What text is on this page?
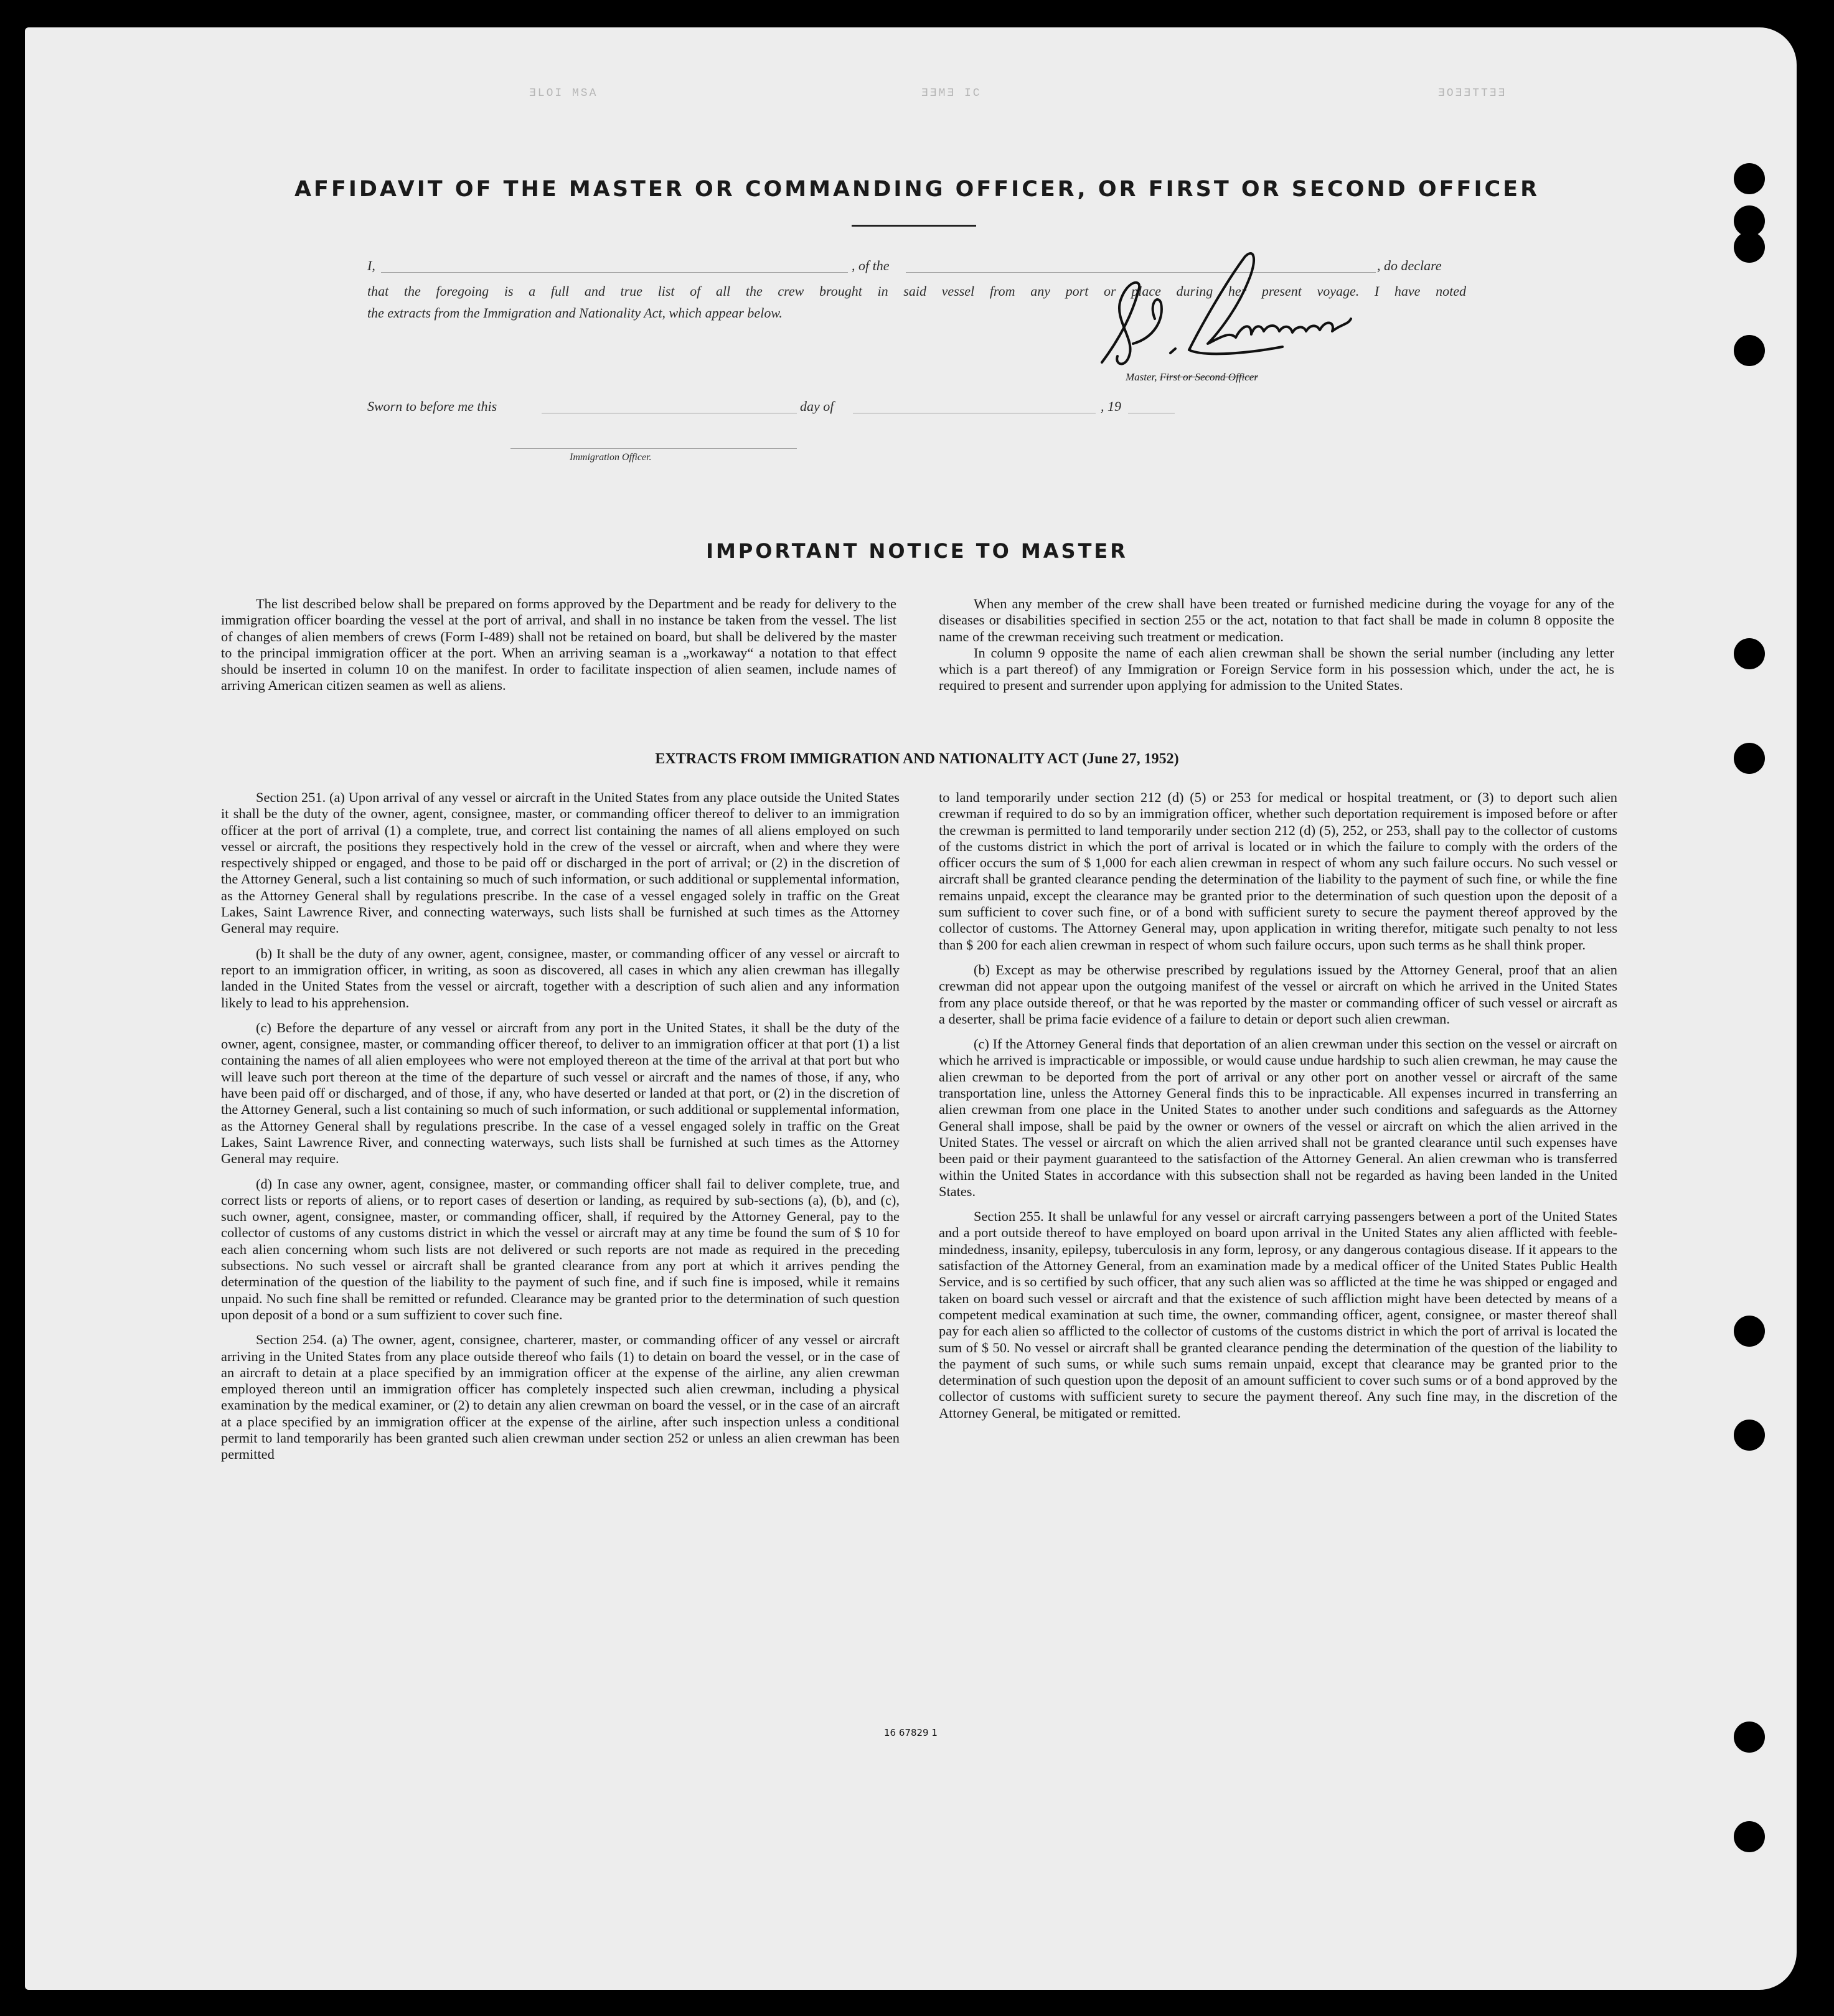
ƎLOI MSA	ƎƎMƎ IC	ƎOƎƎTTƎƎ
AFFIDAVIT OF THE MASTER OR COMMANDING OFFICER, OR FIRST OR SECOND OFFICER
I,	, of the	, do declare
that the foregoing is a full and true list of all the crew brought in said vessel from any port or place during her present voyage. I have noted
the extracts from the Immigration and Nationality Act, which appear below.
Master, First or Second Officer
Sworn to before me this	day of	, 19
Immigration Officer.
IMPORTANT NOTICE TO MASTER

The list described below shall be prepared on forms approved by the Department and be ready for delivery to the immigration officer boarding the vessel at the port of arrival, and shall in no instance be taken from the vessel. The list of changes of alien members of crews (Form I-489) shall not be retained on board, but shall be delivered by the master to the principal immigration officer at the port. When an arriving seaman is a „workaway“ a notation to that effect should be inserted in column 10 on the manifest. In order to facilitate inspection of alien seamen, include names of arriving American citizen seamen as well as aliens.

When any member of the crew shall have been treated or furnished medicine during the voyage for any of the diseases or disabilities specified in section 255 or the act, notation to that fact shall be made in column 8 opposite the name of the crewman receiving such treatment or medication.

In column 9 opposite the name of each alien crewman shall be shown the serial number (including any letter which is a part thereof) of any Immigration or Foreign Service form in his possession which, under the act, he is required to present and surrender upon applying for admission to the United States.

EXTRACTS FROM IMMIGRATION AND NATIONALITY ACT (June 27, 1952)

Section 251. (a) Upon arrival of any vessel or aircraft in the United States from any place outside the United States it shall be the duty of the owner, agent, consignee, master, or commanding officer thereof to deliver to an immigration officer at the port of arrival (1) a complete, true, and correct list containing the names of all aliens employed on such vessel or aircraft, the positions they respectively hold in the crew of the vessel or aircraft, when and where they were respectively shipped or engaged, and those to be paid off or discharged in the port of arrival; or (2) in the discretion of the Attorney General, such a list containing so much of such information, or such additional or supplemental information, as the Attorney General shall by regulations prescribe. In the case of a vessel engaged solely in traffic on the Great Lakes, Saint Lawrence River, and connecting waterways, such lists shall be furnished at such times as the Attorney General may require.

(b) It shall be the duty of any owner, agent, consignee, master, or commanding officer of any vessel or aircraft to report to an immigration officer, in writing, as soon as discovered, all cases in which any alien crewman has illegally landed in the United States from the vessel or aircraft, together with a description of such alien and any information likely to lead to his apprehension.

(c) Before the departure of any vessel or aircraft from any port in the United States, it shall be the duty of the owner, agent, consignee, master, or commanding officer thereof, to deliver to an immigration officer at that port (1) a list containing the names of all alien employees who were not employed thereon at the time of the arrival at that port but who will leave such port thereon at the time of the departure of such vessel or aircraft and the names of those, if any, who have been paid off or discharged, and of those, if any, who have deserted or landed at that port, or (2) in the discretion of the Attorney General, such a list containing so much of such information, or such additional or supplemental information, as the Attorney General shall by regulations prescribe. In the case of a vessel engaged solely in traffic on the Great Lakes, Saint Lawrence River, and connecting waterways, such lists shall be furnished at such times as the Attorney General may require.

(d) In case any owner, agent, consignee, master, or commanding officer shall fail to deliver complete, true, and correct lists or reports of aliens, or to report cases of desertion or landing, as required by sub-sections (a), (b), and (c), such owner, agent, consignee, master, or commanding officer, shall, if required by the Attorney General, pay to the collector of customs of any customs district in which the vessel or aircraft may at any time be found the sum of $ 10 for each alien concerning whom such lists are not delivered or such reports are not made as required in the preceding subsections. No such vessel or aircraft shall be granted clearance from any port at which it arrives pending the determination of the question of the liability to the payment of such fine, and if such fine is imposed, while it remains unpaid. No such fine shall be remitted or refunded. Clearance may be granted prior to the determination of such question upon deposit of a bond or a sum suffizient to cover such fine.

Section 254. (a) The owner, agent, consignee, charterer, master, or commanding officer of any vessel or aircraft arriving in the United States from any place outside thereof who fails (1) to detain on board the vessel, or in the case of an aircraft to detain at a place specified by an immigration officer at the expense of the airline, any alien crewman employed thereon until an immigration officer has completely inspected such alien crewman, including a physical examination by the medical examiner, or (2) to detain any alien crewman on board the vessel, or in the case of an aircraft at a place specified by an immigration officer at the expense of the airline, after such inspection unless a conditional permit to land temporarily has been granted such alien crewman under section 252 or unless an alien crewman has been permitted

to land temporarily under section 212 (d) (5) or 253 for medical or hospital treatment, or (3) to deport such alien crewman if required to do so by an immigration officer, whether such deportation requirement is imposed before or after the crewman is permitted to land temporarily under section 212 (d) (5), 252, or 253, shall pay to the collector of customs of the customs district in which the port of arrival is located or in which the failure to comply with the orders of the officer occurs the sum of $ 1,000 for each alien crewman in respect of whom any such failure occurs. No such vessel or aircraft shall be granted clearance pending the determination of the liability to the payment of such fine, or while the fine remains unpaid, except the clearance may be granted prior to the determination of such question upon the deposit of a sum sufficient to cover such fine, or of a bond with sufficient surety to secure the payment thereof approved by the collector of customs. The Attorney General may, upon application in writing therefor, mitigate such penalty to not less than $ 200 for each alien crewman in respect of whom such failure occurs, upon such terms as he shall think proper.

(b) Except as may be otherwise prescribed by regulations issued by the Attorney General, proof that an alien crewman did not appear upon the outgoing manifest of the vessel or aircraft on which he arrived in the United States from any place outside thereof, or that he was reported by the master or commanding officer of such vessel or aircraft as a deserter, shall be prima facie evidence of a failure to detain or deport such alien crewman.

(c) If the Attorney General finds that deportation of an alien crewman under this section on the vessel or aircraft on which he arrived is impracticable or impossible, or would cause undue hardship to such alien crewman, he may cause the alien crewman to be deported from the port of arrival or any other port on another vessel or aircraft of the same transportation line, unless the Attorney General finds this to be inpracticable. All expenses incurred in transferring an alien crewman from one place in the United States to another under such conditions and safeguards as the Attorney General shall impose, shall be paid by the owner or owners of the vessel or aircraft on which the alien arrived in the United States. The vessel or aircraft on which the alien arrived shall not be granted clearance until such expenses have been paid or their payment guaranteed to the satisfaction of the Attorney General. An alien crewman who is transferred within the United States in accordance with this subsection shall not be regarded as having been landed in the United States.

Section 255. It shall be unlawful for any vessel or aircraft carrying passengers between a port of the United States and a port outside thereof to have employed on board upon arrival in the United States any alien afflicted with feeble-mindedness, insanity, epilepsy, tuberculosis in any form, leprosy, or any dangerous contagious disease. If it appears to the satisfaction of the Attorney General, from an examination made by a medical officer of the United States Public Health Service, and is so certified by such officer, that any such alien was so afflicted at the time he was shipped or engaged and taken on board such vessel or aircraft and that the existence of such affliction might have been detected by means of a competent medical examination at such time, the owner, commanding officer, agent, consignee, or master thereof shall pay for each alien so afflicted to the collector of customs of the customs district in which the port of arrival is located the sum of $ 50. No vessel or aircraft shall be granted clearance pending the determination of the question of the liability to the payment of such sums, or while such sums remain unpaid, except that clearance may be granted prior to the determination of such question upon the deposit of an amount sufficient to cover such sums or of a bond approved by the collector of customs with sufficient surety to secure the payment thereof. Any such fine may, in the discretion of the Attorney General, be mitigated or remitted.

16 67829 1
